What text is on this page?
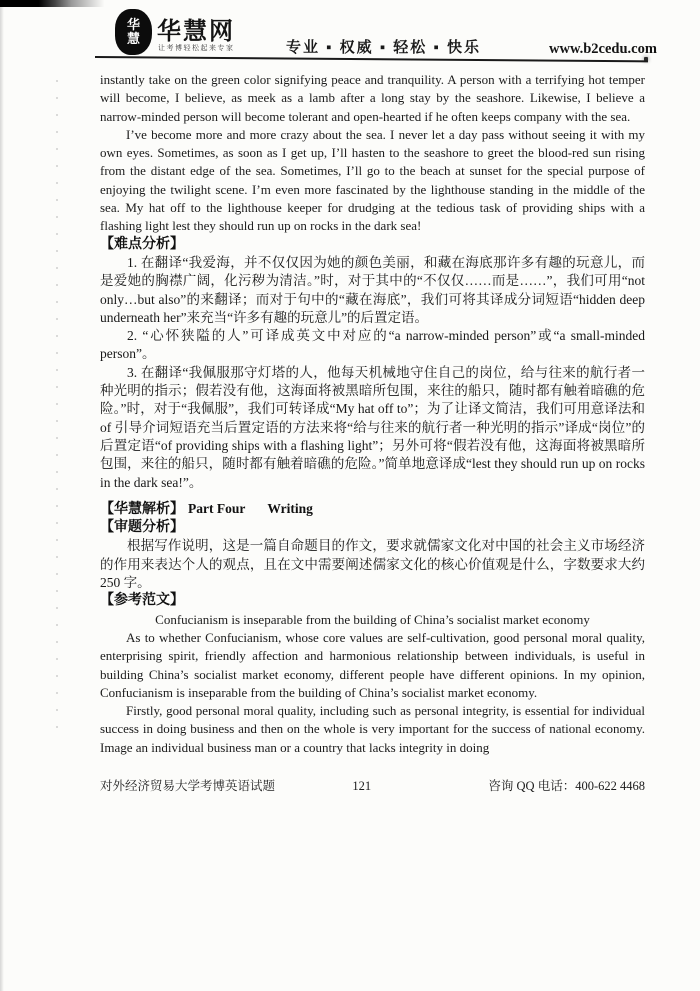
华
慧 华慧网
让考博轻松起来专家	专业 ▪ 权威 ▪ 轻松 ▪ 快乐	www.b2cedu.com

instantly take on the green color signifying peace and tranquility. A person with a terrifying hot temper will become, I believe, as meek as a lamb after a long stay by the seashore. Likewise, I believe a narrow-minded person will become tolerant and open-hearted if he often keeps company with the sea.

I’ve become more and more crazy about the sea. I never let a day pass without seeing it with my own eyes. Sometimes, as soon as I get up, I’ll hasten to the seashore to greet the blood-red sun rising from the distant edge of the sea. Sometimes, I’ll go to the beach at sunset for the special purpose of enjoying the twilight scene. I’m even more fascinated by the lighthouse standing in the middle of the sea. My hat off to the lighthouse keeper for drudging at the tedious task of providing ships with a flashing light lest they should run up on rocks in the dark sea!

【难点分析】

1. 在翻译“我爱海，并不仅仅因为她的颜色美丽，和藏在海底那许多有趣的玩意儿，而是爱她的胸襟广阔，化污秽为清洁。”时，对于其中的“不仅仅……而是……”，我们可用“not only…but also”的来翻译；而对于句中的“藏在海底”，我们可将其译成分词短语“hidden deep underneath her”来充当“许多有趣的玩意儿”的后置定语。

2. “心怀狭隘的人”可译成英文中对应的“a narrow-minded person”或“a small-minded person”。

3. 在翻译“我佩服那守灯塔的人，他每天机械地守住自己的岗位，给与往来的航行者一种光明的指示；假若没有他，这海面将被黑暗所包围，来往的船只，随时都有触着暗礁的危险。”时，对于“我佩服”，我们可转译成“My hat off to”；为了让译文简洁，我们可用意译法和 of 引导介词短语充当后置定语的方法来将“给与往来的航行者一种光明的指示”译成“岗位”的后置定语“of providing ships with a flashing light”；另外可将“假若没有他，这海面将被黑暗所包围，来往的船只，随时都有触着暗礁的危险。”简单地意译成“lest they should run up on rocks in the dark sea!”。

【华慧解析】 Part Four Writing

【审题分析】

根据写作说明，这是一篇自命题目的作文，要求就儒家文化对中国的社会主义市场经济的作用来表达个人的观点，且在文中需要阐述儒家文化的核心价值观是什么，字数要求大约 250 字。

【参考范文】

Confucianism is inseparable from the building of China’s socialist market economy

As to whether Confucianism, whose core values are self-cultivation, good personal moral quality, enterprising spirit, friendly affection and harmonious relationship between individuals, is useful in building China’s socialist market economy, different people have different opinions. In my opinion, Confucianism is inseparable from the building of China’s socialist market economy.

Firstly, good personal moral quality, including such as personal integrity, is essential for individual success in doing business and then on the whole is very important for the success of national economy. Image an individual business man or a country that lacks integrity in doing

对外经济贸易大学考博英语试题	121	咨询 QQ 电话：400-622 4468
